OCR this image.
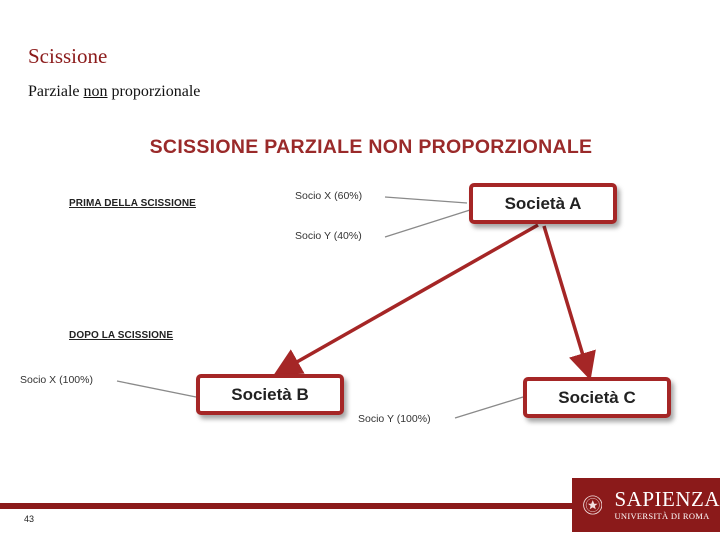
Scissione
Parziale non proporzionale
SCISSIONE PARZIALE NON PROPORZIONALE
PRIMA DELLA SCISSIONE
DOPO LA SCISSIONE
Socio X (60%)
Socio Y (40%)
Socio X (100%)
Socio Y (100%)
Società A
Società B	Società C
43
SAPIENZA
UNIVERSITÀ DI ROMA
